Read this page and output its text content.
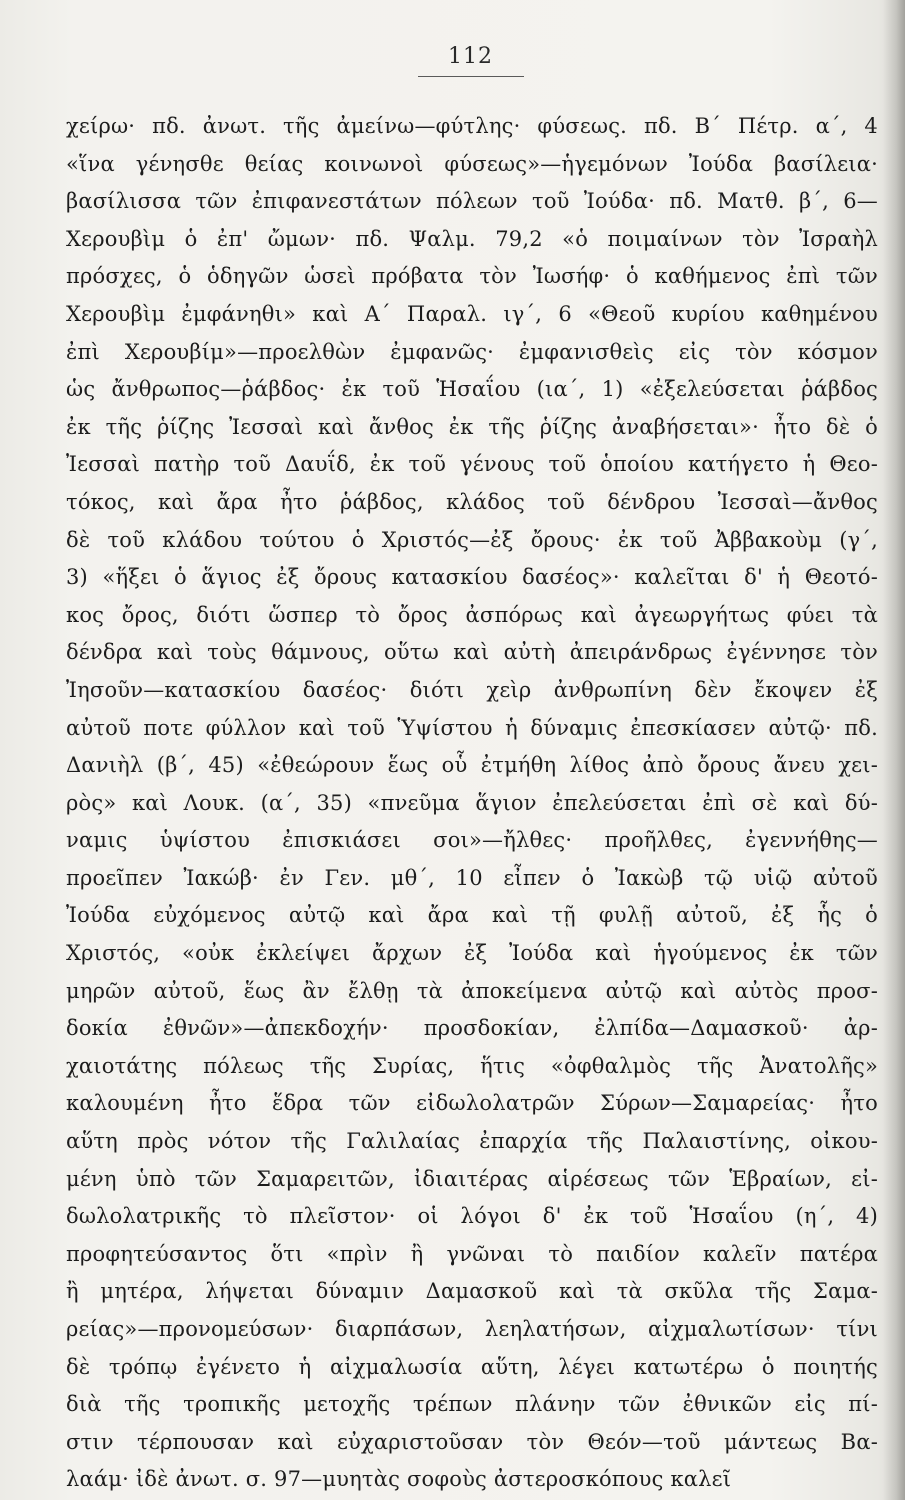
112
χείρω· πδ. ἀνωτ. τῆς ἀμείνω—φύτλης· φύσεως. πδ. Β΄ Πέτρ. α΄, 4
«ἵνα γένησθε θείας κοινωνοὶ φύσεως»—ἡγεμόνων Ἰούδα βασίλεια·
βασίλισσα τῶν ἐπιφανεστάτων πόλεων τοῦ Ἰούδα· πδ. Ματθ. β΄, 6—
Χερουβὶμ ὁ ἐπ' ὤμων· πδ. Ψαλμ. 79,2 «ὁ ποιμαίνων τὸν Ἰσραὴλ
πρόσχες, ὁ ὁδηγῶν ὡσεὶ πρόβατα τὸν Ἰωσήφ· ὁ καθήμενος ἐπὶ τῶν
Χερουβὶμ ἐμφάνηθι» καὶ Α΄ Παραλ. ιγ΄, 6 «Θεοῦ κυρίου καθημένου
ἐπὶ Χερουβίμ»—προελθὼν ἐμφανῶς· ἐμφανισθεὶς εἰς τὸν κόσμον
ὡς ἄνθρωπος—ῥάβδος· ἐκ τοῦ Ἡσαΐου (ια΄, 1) «ἐξελεύσεται ῥάβδος
ἐκ τῆς ῥίζης Ἰεσσαὶ καὶ ἄνθος ἐκ τῆς ῥίζης ἀναβήσεται»· ἦτο δὲ ὁ
Ἰεσσαὶ πατὴρ τοῦ Δαυΐδ, ἐκ τοῦ γένους τοῦ ὁποίου κατήγετο ἡ Θεο-
τόκος, καὶ ἄρα ἦτο ῥάβδος, κλάδος τοῦ δένδρου Ἰεσσαὶ—ἄνθος
δὲ τοῦ κλάδου τούτου ὁ Χριστός—ἐξ ὄρους· ἐκ τοῦ Ἀββακοὺμ (γ΄,
3) «ἥξει ὁ ἅγιος ἐξ ὄρους κατασκίου δασέος»· καλεῖται δ' ἡ Θεοτό-
κος ὄρος, διότι ὥσπερ τὸ ὄρος ἀσπόρως καὶ ἀγεωργήτως φύει τὰ
δένδρα καὶ τοὺς θάμνους, οὕτω καὶ αὐτὴ ἀπειράνδρως ἐγέννησε τὸν
Ἰησοῦν—κατασκίου δασέος· διότι χεὶρ ἀνθρωπίνη δὲν ἔκοψεν ἐξ
αὐτοῦ ποτε φύλλον καὶ τοῦ Ὑψίστου ἡ δύναμις ἐπεσκίασεν αὐτῷ· πδ.
Δανιὴλ (β΄, 45) «ἐθεώρουν ἕως οὗ ἐτμήθη λίθος ἀπὸ ὄρους ἄνευ χει-
ρὸς» καὶ Λουκ. (α΄, 35) «πνεῦμα ἅγιον ἐπελεύσεται ἐπὶ σὲ καὶ δύ-
ναμις ὑψίστου ἐπισκιάσει σοι»—ἤλθες· προῆλθες, ἐγεννήθης—
προεῖπεν Ἰακώβ· ἐν Γεν. μθ΄, 10 εἶπεν ὁ Ἰακὼβ τῷ υἱῷ αὐτοῦ
Ἰούδα εὐχόμενος αὐτῷ καὶ ἄρα καὶ τῇ φυλῇ αὐτοῦ, ἐξ ἧς ὁ
Χριστός, «οὐκ ἐκλείψει ἄρχων ἐξ Ἰούδα καὶ ἡγούμενος ἐκ τῶν
μηρῶν αὐτοῦ, ἕως ἂν ἔλθῃ τὰ ἀποκείμενα αὐτῷ καὶ αὐτὸς προσ-
δοκία ἐθνῶν»—ἀπεκδοχήν· προσδοκίαν, ἐλπίδα—Δαμασκοῦ· ἀρ-
χαιοτάτης πόλεως τῆς Συρίας, ἥτις «ὀφθαλμὸς τῆς Ἀνατολῆς»
καλουμένη ἦτο ἕδρα τῶν εἰδωλολατρῶν Σύρων—Σαμαρείας· ἦτο
αὕτη πρὸς νότον τῆς Γαλιλαίας ἐπαρχία τῆς Παλαιστίνης, οἰκου-
μένη ὑπὸ τῶν Σαμαρειτῶν, ἰδιαιτέρας αἱρέσεως τῶν Ἑβραίων, εἰ-
δωλολατρικῆς τὸ πλεῖστον· οἱ λόγοι δ' ἐκ τοῦ Ἡσαΐου (η΄, 4)
προφητεύσαντος ὅτι «πρὶν ἢ γνῶναι τὸ παιδίον καλεῖν πατέρα
ἢ μητέρα, λήψεται δύναμιν Δαμασκοῦ καὶ τὰ σκῦλα τῆς Σαμα-
ρείας»—προνομεύσων· διαρπάσων, λεηλατήσων, αἰχμαλωτίσων· τίνι
δὲ τρόπῳ ἐγένετο ἡ αἰχμαλωσία αὕτη, λέγει κατωτέρω ὁ ποιητής
διὰ τῆς τροπικῆς μετοχῆς τρέπων πλάνην τῶν ἐθνικῶν εἰς πί-
στιν τέρπουσαν καὶ εὐχαριστοῦσαν τὸν Θεόν—τοῦ μάντεως Βα-
λαάμ· ἰδὲ ἀνωτ. σ. 97—μυητὰς σοφοὺς ἀστεροσκόπους καλεῖ
